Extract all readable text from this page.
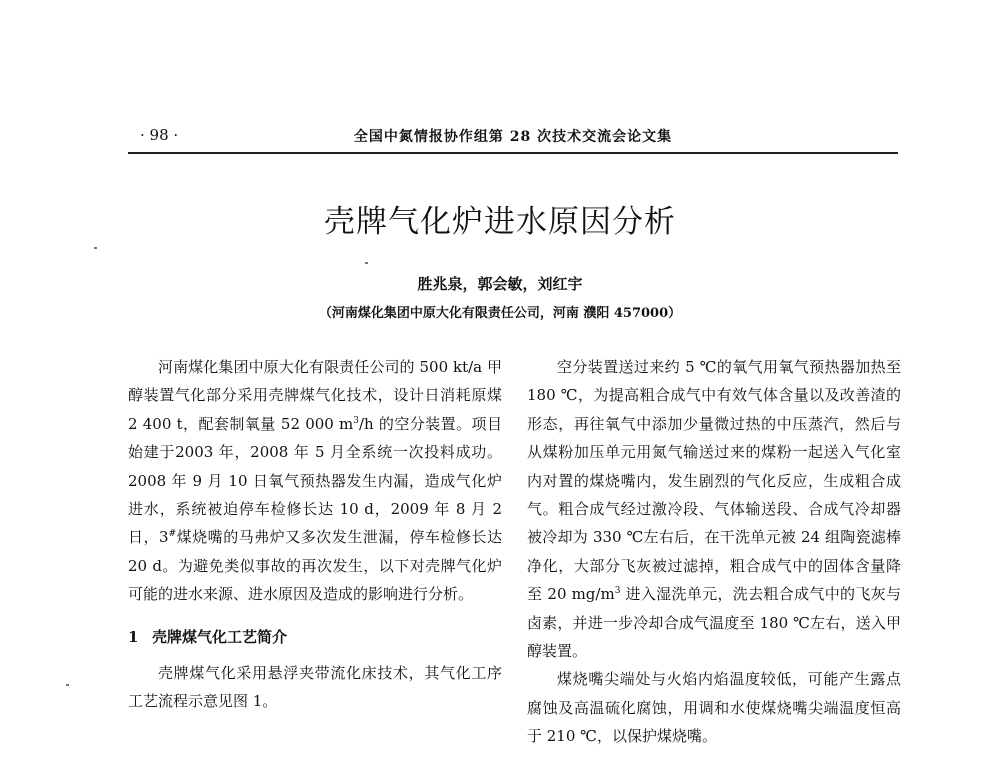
· 98 ·	全国中氮情报协作组第 28 次技术交流会论文集
壳牌气化炉进水原因分析
胜兆泉，郭会敏，刘红宇
（河南煤化集团中原大化有限责任公司，河南 濮阳 457000）

河南煤化集团中原大化有限责任公司的 500 kt/a 甲醇装置气化部分采用壳牌煤气化技术，设计日消耗原煤 2 400 t，配套制氧量 52 000 $m^3/h$ 的空分装置。项目始建于2003 年，2008 年 5 月全系统一次投料成功。2008 年 9 月 10 日氧气预热器发生内漏，造成气化炉进水，系统被迫停车检修长达 10 d，2009 年 8 月 2 日，3#煤烧嘴的马弗炉又多次发生泄漏，停车检修长达 20 d。为避免类似事故的再次发生，以下对壳牌气化炉可能的进水来源、进水原因及造成的影响进行分析。

1 壳牌煤气化工艺简介

壳牌煤气化采用悬浮夹带流化床技术，其气化工序工艺流程示意见图 1。

空分装置送过来约 5 ℃的氧气用氧气预热器加热至 180 ℃，为提高粗合成气中有效气体含量以及改善渣的形态，再往氧气中添加少量微过热的中压蒸汽，然后与从煤粉加压单元用氮气输送过来的煤粉一起送入气化室内对置的煤烧嘴内，发生剧烈的气化反应，生成粗合成气。粗合成气经过激冷段、气体输送段、合成气冷却器被冷却为 330 ℃左右后，在干洗单元被 24 组陶瓷滤棒净化，大部分飞灰被过滤掉，粗合成气中的固体含量降至 20 $mg/m^3$ 进入湿洗单元，洗去粗合成气中的飞灰与卤素，并进一步冷却合成气温度至 180 ℃左右，送入甲醇装置。

煤烧嘴尖端处与火焰内焰温度较低，可能产生露点腐蚀及高温硫化腐蚀，用调和水使煤烧嘴尖端温度恒高于 210 ℃，以保护煤烧嘴。
